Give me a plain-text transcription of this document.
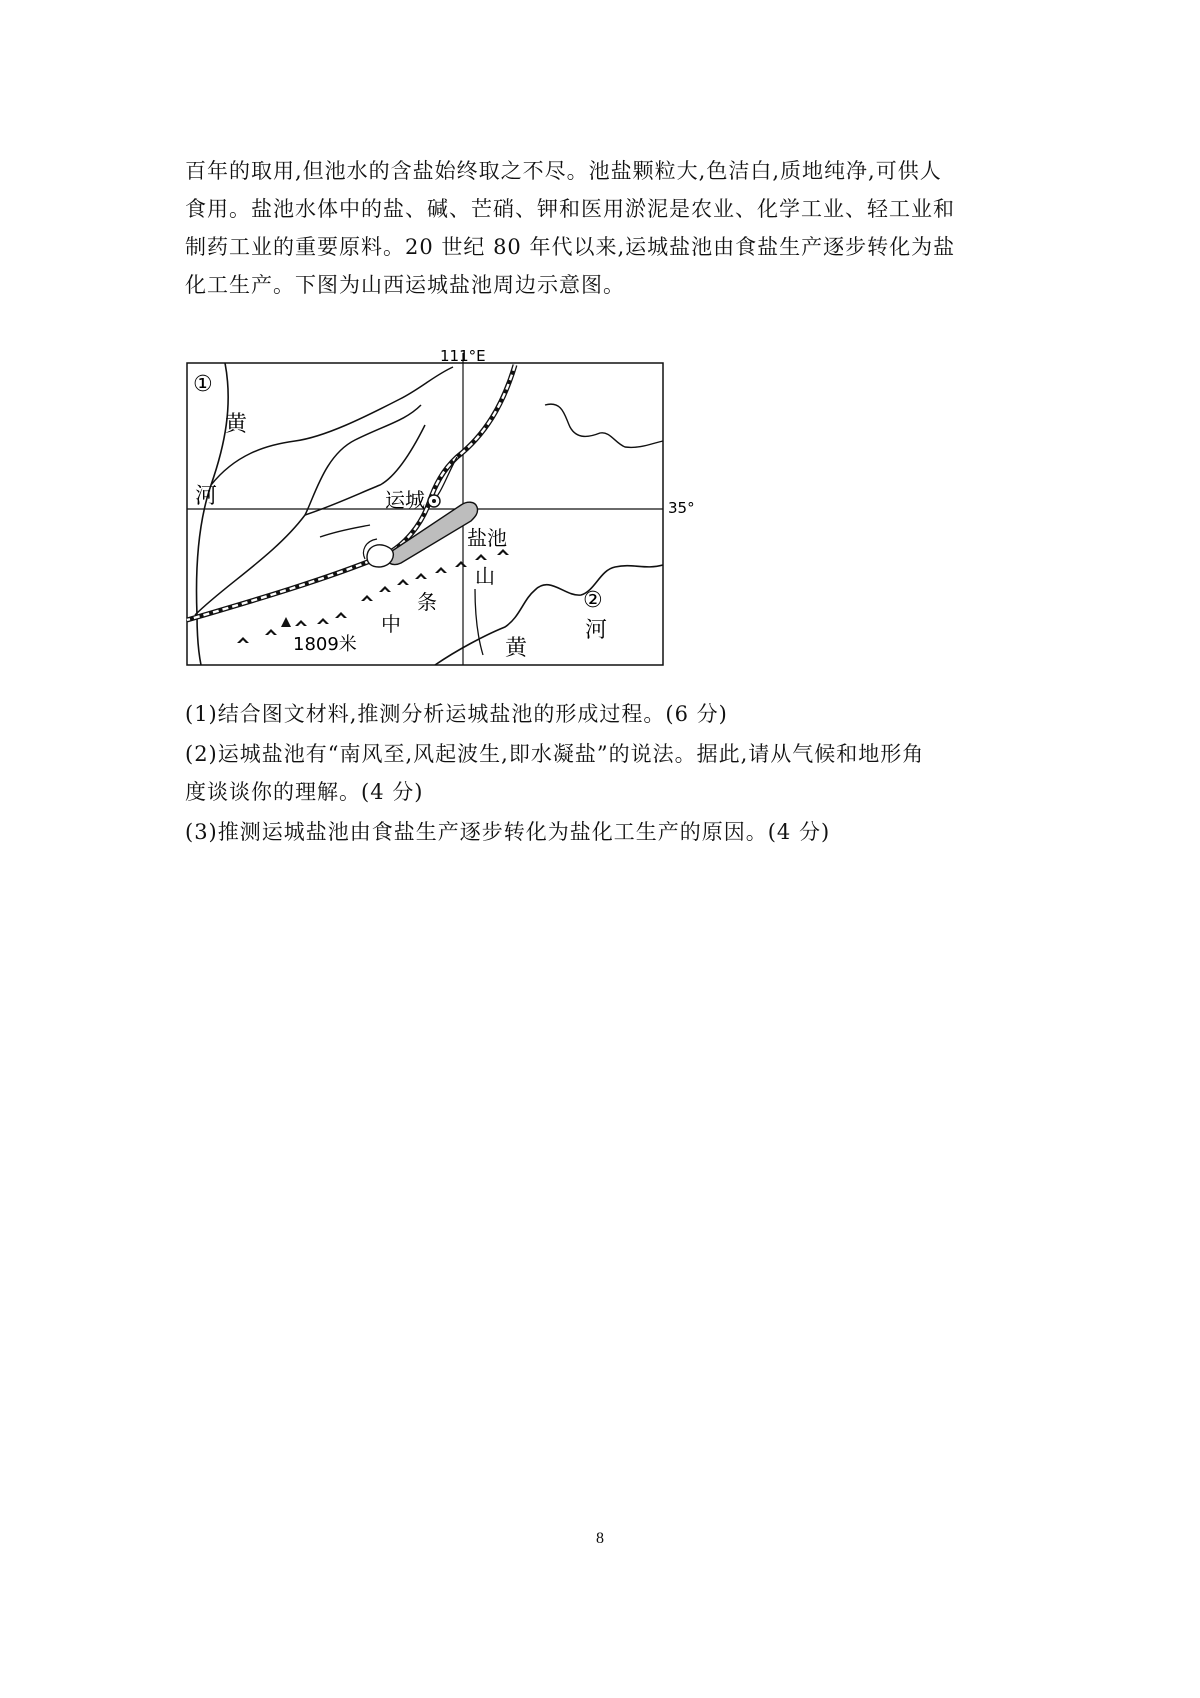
百年的取用,但池水的含盐始终取之不尽。池盐颗粒大,色洁白,质地纯净,可供人
食用。盐池水体中的盐、碱、芒硝、钾和医用淤泥是农业、化学工业、轻工业和
制药工业的重要原料。20 世纪 80 年代以来,运城盐池由食盐生产逐步转化为盐
化工生产。下图为山西运城盐池周边示意图。
111°E
35°
①
黄
河	运城
盐池
山
条
中
1809米
②
河
黄
(1)结合图文材料,推测分析运城盐池的形成过程。(6 分)
(2)运城盐池有“南风至,风起波生,即水凝盐”的说法。据此,请从气候和地形角
度谈谈你的理解。(4 分)
(3)推测运城盐池由食盐生产逐步转化为盐化工生产的原因。(4 分)
8
